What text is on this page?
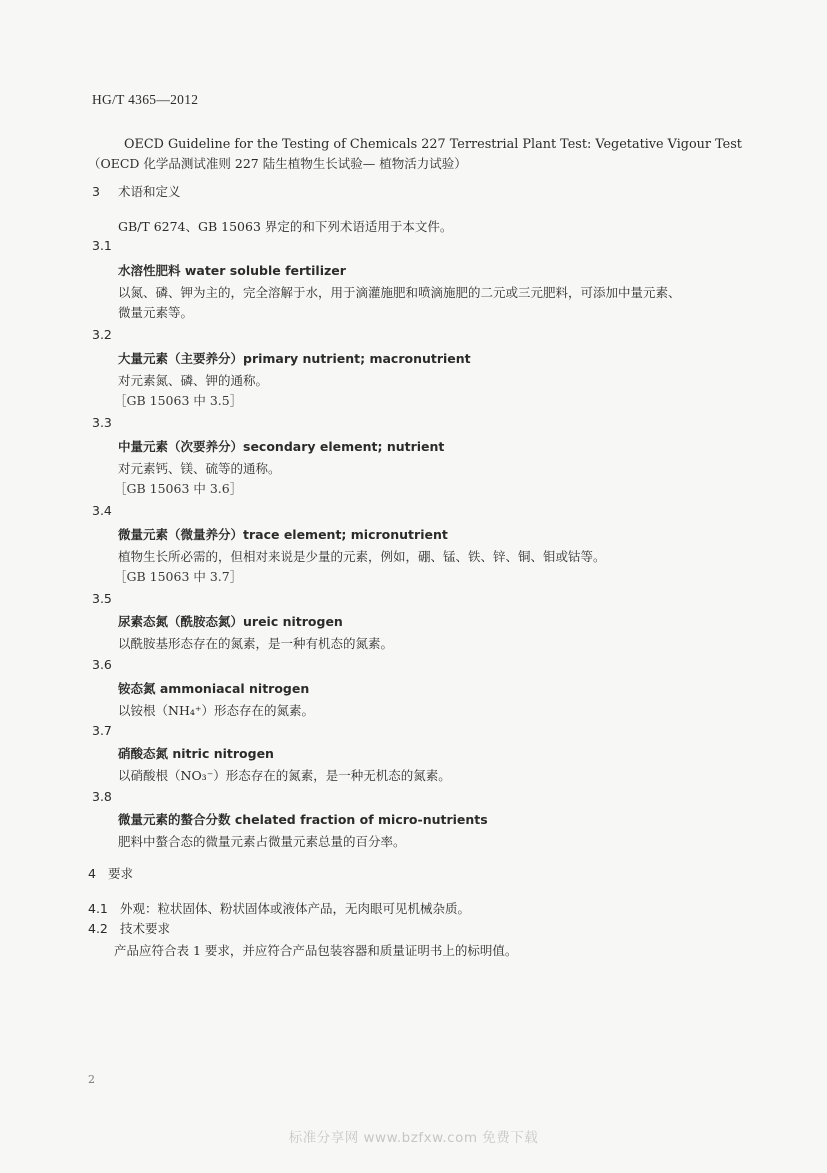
HG/T 4365—2012
OECD Guideline for the Testing of Chemicals 227 Terrestrial Plant Test: Vegetative Vigour Test
（OECD 化学品测试准则 227 陆生植物生长试验— 植物活力试验）
3 术语和定义
GB/T 6274、GB 15063 界定的和下列术语适用于本文件。
3.1
水溶性肥料 water soluble fertilizer
以氮、磷、钾为主的，完全溶解于水，用于滴灌施肥和喷滴施肥的二元或三元肥料，可添加中量元素、
微量元素等。
3.2
大量元素（主要养分）primary nutrient; macronutrient
对元素氮、磷、钾的通称。
［GB 15063 中 3.5］
3.3
中量元素（次要养分）secondary element; nutrient
对元素钙、镁、硫等的通称。
［GB 15063 中 3.6］
3.4
微量元素（微量养分）trace element; micronutrient
植物生长所必需的，但相对来说是少量的元素，例如，硼、锰、铁、锌、铜、钼或钴等。
［GB 15063 中 3.7］
3.5
尿素态氮（酰胺态氮）ureic nitrogen
以酰胺基形态存在的氮素，是一种有机态的氮素。
3.6
铵态氮 ammoniacal nitrogen
以铵根（NH₄⁺）形态存在的氮素。
3.7
硝酸态氮 nitric nitrogen
以硝酸根（NO₃⁻）形态存在的氮素，是一种无机态的氮素。
3.8
微量元素的螯合分数 chelated fraction of micro-nutrients
肥料中螯合态的微量元素占微量元素总量的百分率。
4 要求
4.1 外观：粒状固体、粉状固体或液体产品，无肉眼可见机械杂质。
4.2 技术要求
产品应符合表 1 要求，并应符合产品包装容器和质量证明书上的标明值。
2
标准分享网 www.bzfxw.com 免费下载
